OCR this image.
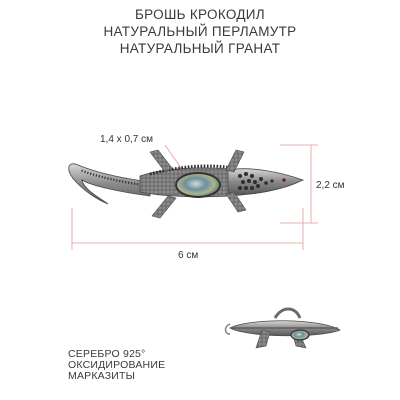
БРОШЬ КРОКОДИЛ
НАТУРАЛЬНЫЙ ПЕРЛАМУТР
НАТУРАЛЬНЫЙ ГРАНАТ
1,4 x 0,7 см
2,2 см
6 см
СЕРЕБРО 925°
ОКСИДИРОВАНИЕ
МАРКАЗИТЫ
